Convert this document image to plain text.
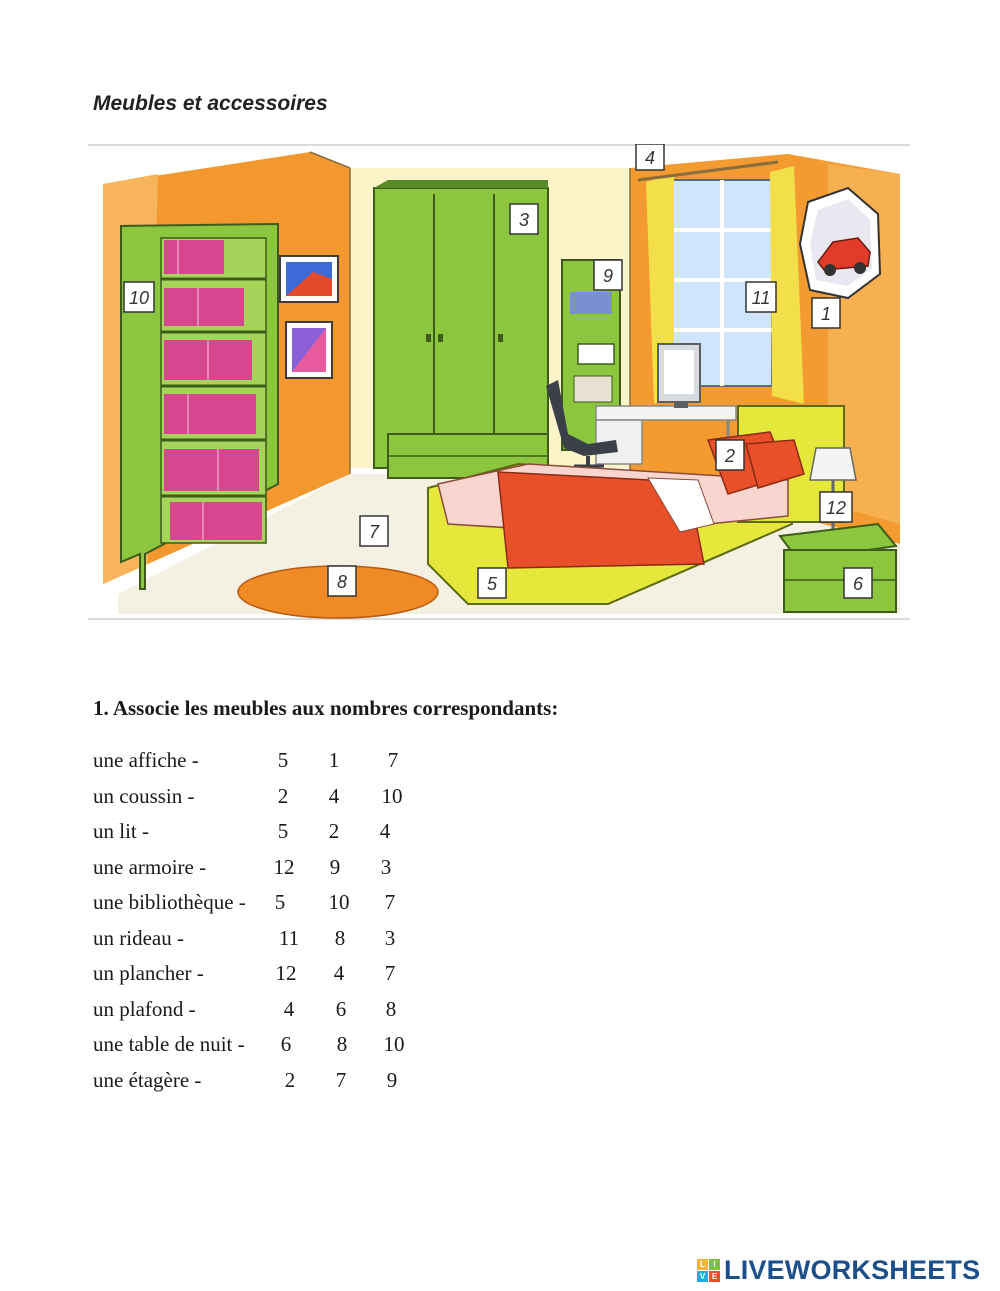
Meubles et accessoires
1
2
3
4
5	6
7
8
9
10	11
12
1. Associe les meubles aux nombres correspondants:
une affiche -	5	1	7
un coussin -	2	4	10
un lit -	5	2	4
une armoire -	12	9	3
une bibliothèque -	5	10	7
un rideau -	11	8	3
un plancher -	12	4	7
un plafond -	4	6	8
une table de nuit -	6	8	10
une étagère -	2	7	9
L	I
V E LIVEWORKSHEETS
